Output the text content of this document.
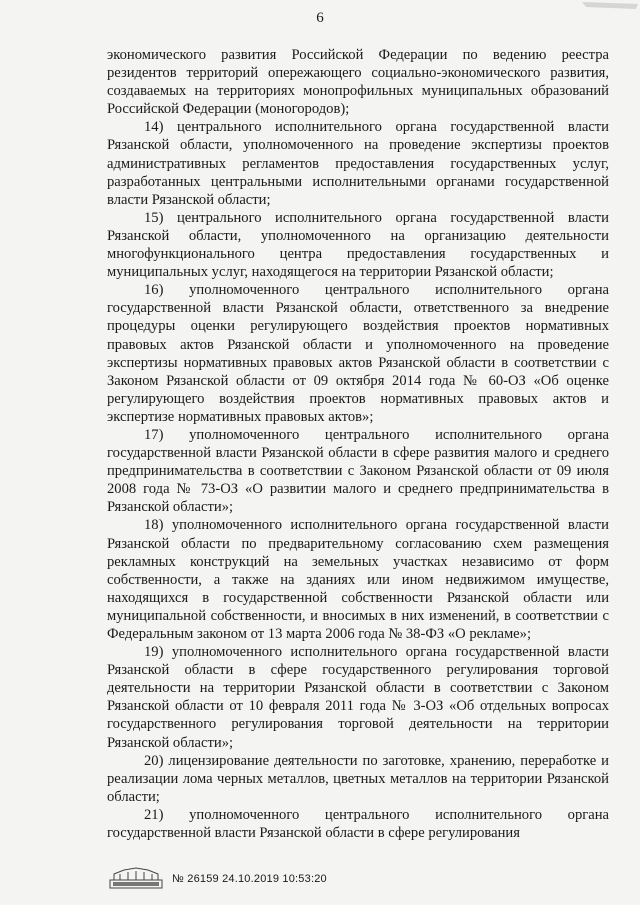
6

экономического развития Российской Федерации по ведению реестра резидентов территорий опережающего социально-экономического развития, создаваемых на территориях монопрофильных муниципальных образований Российской Федерации (моногородов);

14) центрального исполнительного органа государственной власти Рязанской области, уполномоченного на проведение экспертизы проектов административных регламентов предоставления государственных услуг, разработанных центральными исполнительными органами государственной власти Рязанской области;

15) центрального исполнительного органа государственной власти Рязанской области, уполномоченного на организацию деятельности многофункционального центра предоставления государственных и муниципальных услуг, находящегося на территории Рязанской области;

16) уполномоченного центрального исполнительного органа государственной власти Рязанской области, ответственного за внедрение процедуры оценки регулирующего воздействия проектов нормативных правовых актов Рязанской области и уполномоченного на проведение экспертизы нормативных правовых актов Рязанской области в соответствии с Законом Рязанской области от 09 октября 2014 года № 60-ОЗ «Об оценке регулирующего воздействия проектов нормативных правовых актов и экспертизе нормативных правовых актов»;

17) уполномоченного центрального исполнительного органа государственной власти Рязанской области в сфере развития малого и среднего предпринимательства в соответствии с Законом Рязанской области от 09 июля 2008 года № 73-ОЗ «О развитии малого и среднего предпринимательства в Рязанской области»;

18) уполномоченного исполнительного органа государственной власти Рязанской области по предварительному согласованию схем размещения рекламных конструкций на земельных участках независимо от форм собственности, а также на зданиях или ином недвижимом имуществе, находящихся в государственной собственности Рязанской области или муниципальной собственности, и вносимых в них изменений, в соответствии с Федеральным законом от 13 марта 2006 года № 38-ФЗ «О рекламе»;

19) уполномоченного исполнительного органа государственной власти Рязанской области в сфере государственного регулирования торговой деятельности на территории Рязанской области в соответствии с Законом Рязанской области от 10 февраля 2011 года № 3-ОЗ «Об отдельных вопросах государственного регулирования торговой деятельности на территории Рязанской области»;

20) лицензирование деятельности по заготовке, хранению, переработке и реализации лома черных металлов, цветных металлов на территории Рязанской области;

21) уполномоченного центрального исполнительного органа государственной власти Рязанской области в сфере регулирования

№ 26159 24.10.2019 10:53:20
